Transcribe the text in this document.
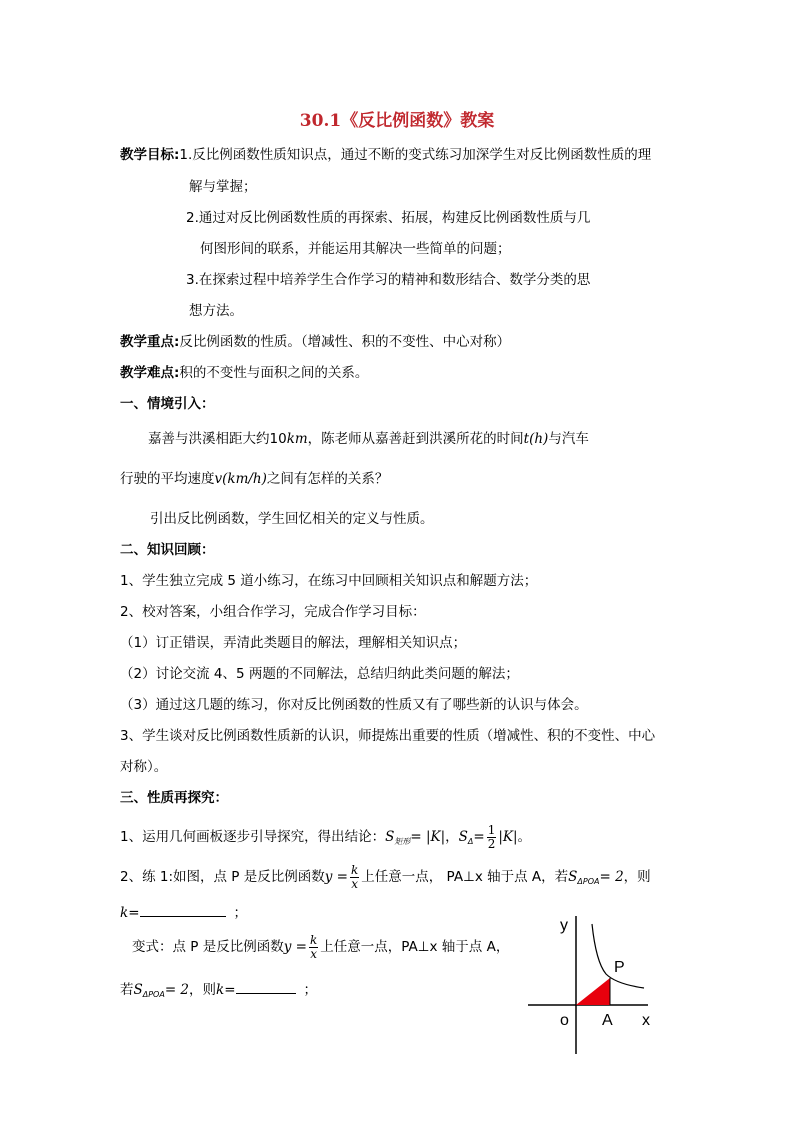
30.1《反比例函数》教案
教学目标:1.反比例函数性质知识点，通过不断的变式练习加深学生对反比例函数性质的理
解与掌握；
2.通过对反比例函数性质的再探索、拓展，构建反比例函数性质与几
何图形间的联系，并能运用其解决一些简单的问题；
3.在探索过程中培养学生合作学习的精神和数形结合、数学分类的思
想方法。
教学重点:反比例函数的性质。（增减性、积的不变性、中心对称）
教学难点:积的不变性与面积之间的关系。
一、情境引入：
嘉善与洪溪相距大约10km，陈老师从嘉善赶到洪溪所花的时间t(h)与汽车
行驶的平均速度v(km/h)之间有怎样的关系？
引出反比例函数，学生回忆相关的定义与性质。
二、知识回顾：
1、学生独立完成 5 道小练习，在练习中回顾相关知识点和解题方法；
2、校对答案，小组合作学习，完成合作学习目标：
（1）订正错误，弄清此类题目的解法，理解相关知识点；
（2）讨论交流 4、5 两题的不同解法，总结归纳此类问题的解法；
（3）通过这几题的练习，你对反比例函数的性质又有了哪些新的认识与体会。
3、学生谈对反比例函数性质新的认识，师提炼出重要的性质（增减性、积的不变性、中心
对称）。
三、性质再探究：
1、运用几何画板逐步引导探究，得出结论：$S_{矩形}= |K|$，$S_\Delta= \frac{1}{2} |K|$。
2、练 1:如图，点 P 是反比例函数$y = \frac{k}{x}$ 上任意一点， PA⊥x 轴于点 A，若$S_{\Delta POA}= 2$，则
k=	；
变式：点 P 是反比例函数$y = \frac{k}{x}$ 上任意一点，PA⊥x 轴于点 A，
若$S_{\Delta POA}= 2$，则k=	；
y
x
o A
P
